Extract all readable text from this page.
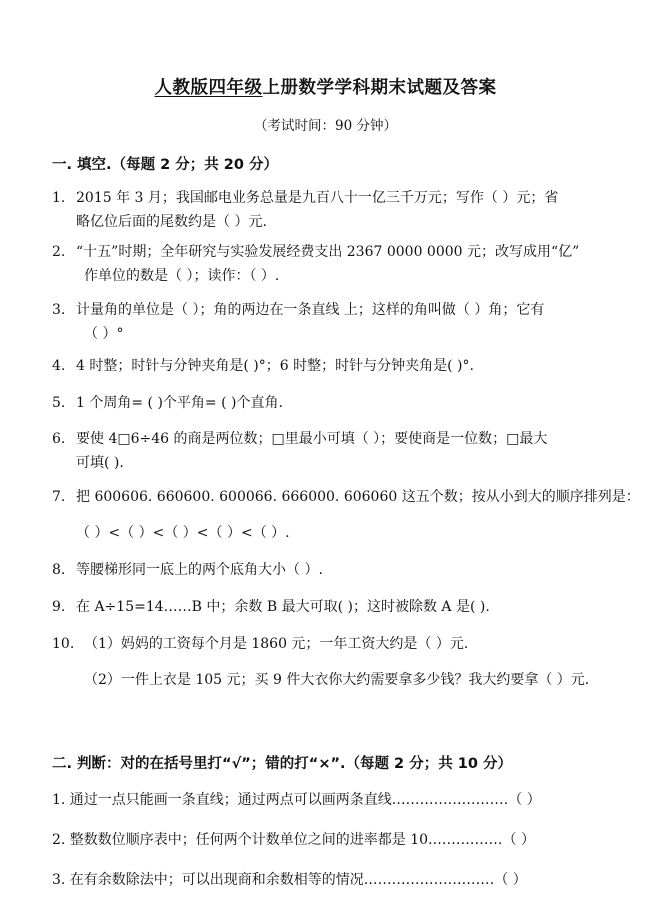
人教版四年级上册数学学科期末试题及答案
（考试时间：90 分钟）
一. 填空.（每题 2 分；共 20 分）
1. 2015 年 3 月；我国邮电业务总量是九百八十一亿三千万元；写作（ ）元；省
略亿位后面的尾数约是（ ）元.
2. “十五”时期；全年研究与实验发展经费支出 2367 0000 0000 元；改写成用“亿”
作单位的数是（ ）；读作：（ ）.
3. 计量角的单位是（ ）；角的两边在一条直线 上；这样的角叫做（ ）角；它有
（ ）°
4. 4 时整；时针与分钟夹角是( )°；6 时整；时针与分钟夹角是( )°.
5. 1 个周角= ( )个平角= ( )个直角.
6. 要使 4□6÷46 的商是两位数；□里最小可填（ ）；要使商是一位数；□最大
可填( ).
7. 把 600606. 660600. 600066. 666000. 606060 这五个数；按从小到大的顺序排列是：
（ ）<（ ）<（ ）<（ ）<（ ）.
8. 等腰梯形同一底上的两个底角大小（ ）.
9. 在 A÷15=14……B 中；余数 B 最大可取( )；这时被除数 A 是( ).
10. （1）妈妈的工资每个月是 1860 元；一年工资大约是（ ）元.
（2）一件上衣是 105 元；买 9 件大衣你大约需要拿多少钱？我大约要拿（ ）元.
二. 判断：对的在括号里打“√”；错的打“×”.（每题 2 分；共 10 分）
1. 通过一点只能画一条直线；通过两点可以画两条直线.……………………（ ）
2. 整数数位顺序表中；任何两个计数单位之间的进率都是 10.……………（ ）
3. 在有余数除法中；可以出现商和余数相等的情况.………………………（ ）
